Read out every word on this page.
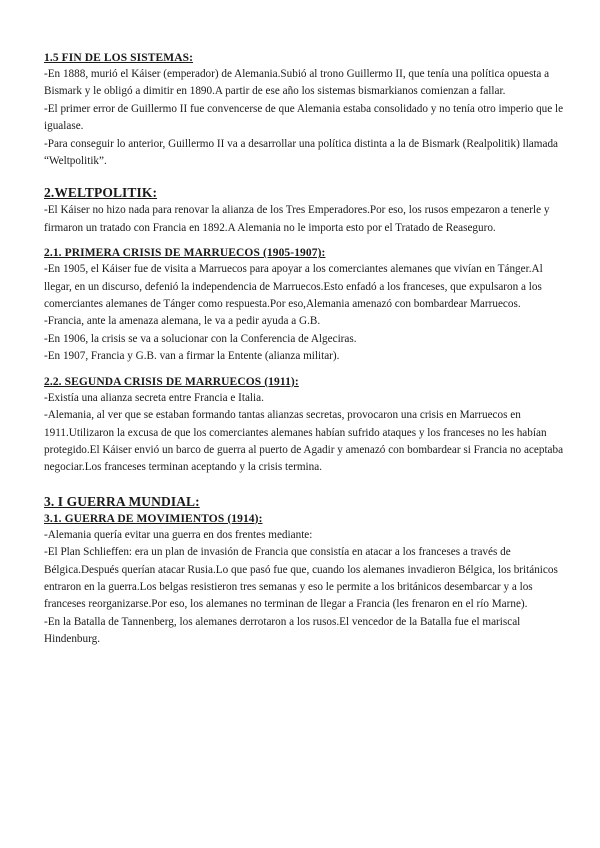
1.5 FIN DE LOS SISTEMAS:

-En 1888, murió el Káiser (emperador) de Alemania.Subió al trono Guillermo II, que tenía una política opuesta a Bismark y le obligó a dimitir en 1890.A partir de ese año los sistemas bismarkianos comienzan a fallar.

-El primer error de Guillermo II fue convencerse de que Alemania estaba consolidado y no tenía otro imperio que le igualase.

-Para conseguir lo anterior, Guillermo II va a desarrollar una política distinta a la de Bismark (Realpolitik) llamada “Weltpolitik”.

2.WELTPOLITIK:

-El Káiser no hizo nada para renovar la alianza de los Tres Emperadores.Por eso, los rusos empezaron a tenerle y firmaron un tratado con Francia en 1892.A Alemania no le importa esto por el Tratado de Reaseguro.

2.1. PRIMERA CRISIS DE MARRUECOS (1905-1907):

-En 1905, el Káiser fue de visita a Marruecos para apoyar a los comerciantes alemanes que vivían en Tánger.Al llegar, en un discurso, defenió la independencia de Marruecos.Esto enfadó a los franceses, que expulsaron a los comerciantes alemanes de Tánger como respuesta.Por eso,Alemania amenazó con bombardear Marruecos.

-Francia, ante la amenaza alemana, le va a pedir ayuda a G.B.

-En 1906, la crisis se va a solucionar con la Conferencia de Algeciras.

-En 1907, Francia y G.B. van a firmar la Entente (alianza militar).

2.2. SEGUNDA CRISIS DE MARRUECOS (1911):

-Existía una alianza secreta entre Francia e Italia.

-Alemania, al ver que se estaban formando tantas alianzas secretas, provocaron una crisis en Marruecos en 1911.Utilizaron la excusa de que los comerciantes alemanes habían sufrido ataques y los franceses no les habían protegido.El Káiser envió un barco de guerra al puerto de Agadir y amenazó con bombardear si Francia no aceptaba negociar.Los franceses terminan aceptando y la crisis termina.

3. I GUERRA MUNDIAL:

3.1. GUERRA DE MOVIMIENTOS (1914):

-Alemania quería evitar una guerra en dos frentes mediante:

-El Plan Schlieffen: era un plan de invasión de Francia que consistía en atacar a los franceses a través de Bélgica.Después querían atacar Rusia.Lo que pasó fue que, cuando los alemanes invadieron Bélgica, los británicos entraron en la guerra.Los belgas resistieron tres semanas y eso le permite a los británicos desembarcar y a los franceses reorganizarse.Por eso, los alemanes no terminan de llegar a Francia (les frenaron en el río Marne).

-En la Batalla de Tannenberg, los alemanes derrotaron a los rusos.El vencedor de la Batalla fue el mariscal Hindenburg.
